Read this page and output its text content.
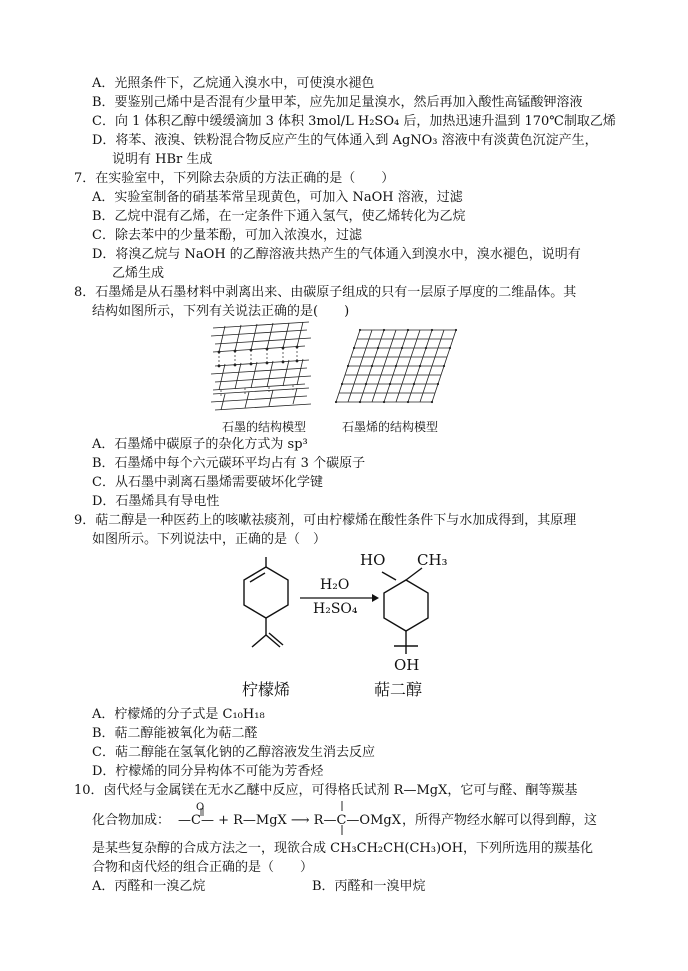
A．光照条件下，乙烷通入溴水中，可使溴水褪色
B．要鉴别己烯中是否混有少量甲苯，应先加足量溴水，然后再加入酸性高锰酸钾溶液
C．向 1 体积乙醇中缓缓滴加 3 体积 3mol/L H₂SO₄ 后，加热迅速升温到 170℃制取乙烯
D．将苯、液溴、铁粉混合物反应产生的气体通入到 AgNO₃ 溶液中有淡黄色沉淀产生，
说明有 HBr 生成
7．在实验室中，下列除去杂质的方法正确的是（　　）
A．实验室制备的硝基苯常呈现黄色，可加入 NaOH 溶液，过滤
B．乙烷中混有乙烯，在一定条件下通入氢气，使乙烯转化为乙烷
C．除去苯中的少量苯酚，可加入浓溴水，过滤
D．将溴乙烷与 NaOH 的乙醇溶液共热产生的气体通入到溴水中，溴水褪色，说明有
乙烯生成
8．石墨烯是从石墨材料中剥离出来、由碳原子组成的只有一层原子厚度的二维晶体。其
结构如图所示，下列有关说法正确的是(　　)
石墨的结构模型	石墨烯的结构模型
A．石墨烯中碳原子的杂化方式为 sp³
B．石墨烯中每个六元碳环平均占有 3 个碳原子
C．从石墨中剥离石墨烯需要破坏化学键
D．石墨烯具有导电性
9．萜二醇是一种医药上的咳嗽祛痰剂，可由柠檬烯在酸性条件下与水加成得到，其原理
如图所示。下列说法中，正确的是（　）
H₂O
H₂SO₄
HO CH₃
OH
柠檬烯	萜二醇
A．柠檬烯的分子式是 C₁₀H₁₈
B．萜二醇能被氧化为萜二醛
C．萜二醇能在氢氧化钠的乙醇溶液发生消去反应
D．柠檬烯的同分异构体不可能为芳香烃
10．卤代烃与金属镁在无水乙醚中反应，可得格氏试剂 R—MgX，它可与醛、酮等羰基
化合物加成：
O
—C— + R—MgX ⟶ R—C—OMgX ，所得产物经水解可以得到醇，这
是某些复杂醇的合成方法之一，现欲合成 CH₃CH₂CH(CH₃)OH，下列所选用的羰基化
合物和卤代烃的组合正确的是（　　）
A．丙醛和一溴乙烷	B．丙醛和一溴甲烷
